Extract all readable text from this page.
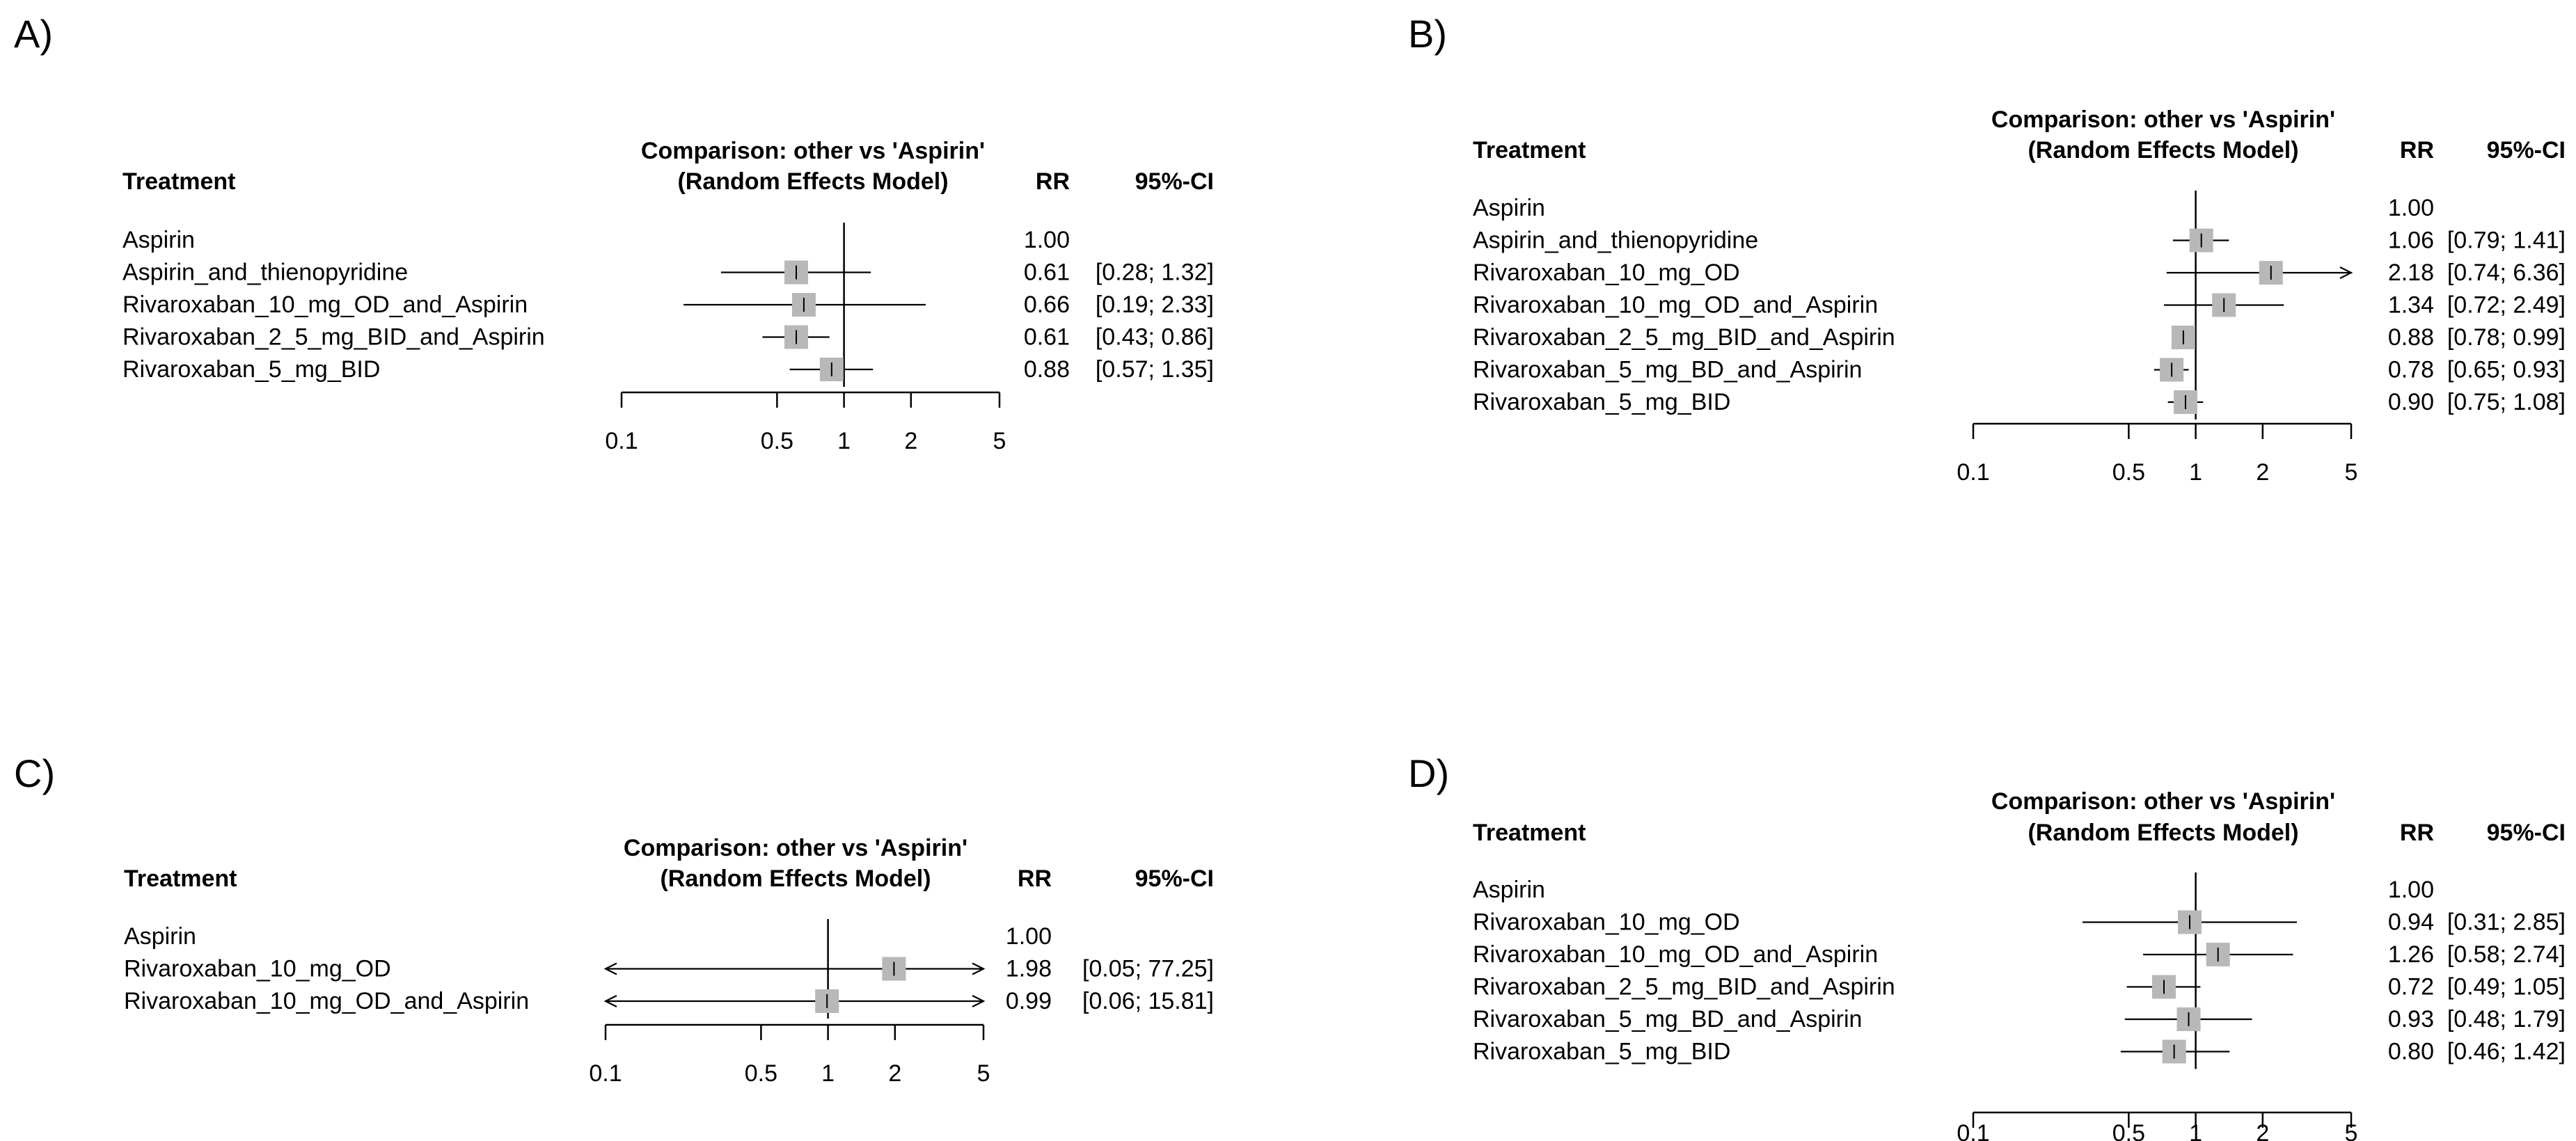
A)
Treatment
Comparison: other vs 'Aspirin'
(Random Effects Model)	RR	95%-CI
Aspirin	1.00
Aspirin_and_thienopyridine	0.61 [0.28; 1.32]
Rivaroxaban_10_mg_OD_and_Aspirin	0.66 [0.19; 2.33]
Rivaroxaban_2_5_mg_BID_and_Aspirin	0.61 [0.43; 0.86]
Rivaroxaban_5_mg_BID	0.88 [0.57; 1.35]
0.1	0.5 1 2	5
B)
Treatment
Comparison: other vs 'Aspirin'
(Random Effects Model)	RR 95%-CI
Aspirin	1.00
Aspirin_and_thienopyridine	1.06 [0.79; 1.41]
Rivaroxaban_10_mg_OD	2.18 [0.74; 6.36]
Rivaroxaban_10_mg_OD_and_Aspirin	1.34 [0.72; 2.49]
Rivaroxaban_2_5_mg_BID_and_Aspirin	0.88 [0.78; 0.99]
Rivaroxaban_5_mg_BD_and_Aspirin	0.78 [0.65; 0.93]
Rivaroxaban_5_mg_BID	0.90 [0.75; 1.08]
0.1	0.5 1 2	5
C)
Treatment
Comparison: other vs 'Aspirin'
(Random Effects Model)	RR	95%-CI
Aspirin	1.00
Rivaroxaban_10_mg_OD	1.98 [0.05; 77.25]
Rivaroxaban_10_mg_OD_and_Aspirin	0.99 [0.06; 15.81]
0.1	0.5 1 2	5
D)
Treatment
Comparison: other vs 'Aspirin'
(Random Effects Model)	RR 95%-CI
Aspirin	1.00
Rivaroxaban_10_mg_OD	0.94 [0.31; 2.85]
Rivaroxaban_10_mg_OD_and_Aspirin	1.26 [0.58; 2.74]
Rivaroxaban_2_5_mg_BID_and_Aspirin	0.72 [0.49; 1.05]
Rivaroxaban_5_mg_BD_and_Aspirin	0.93 [0.48; 1.79]
Rivaroxaban_5_mg_BID	0.80 [0.46; 1.42]
0.1	0.5 1 2	5
